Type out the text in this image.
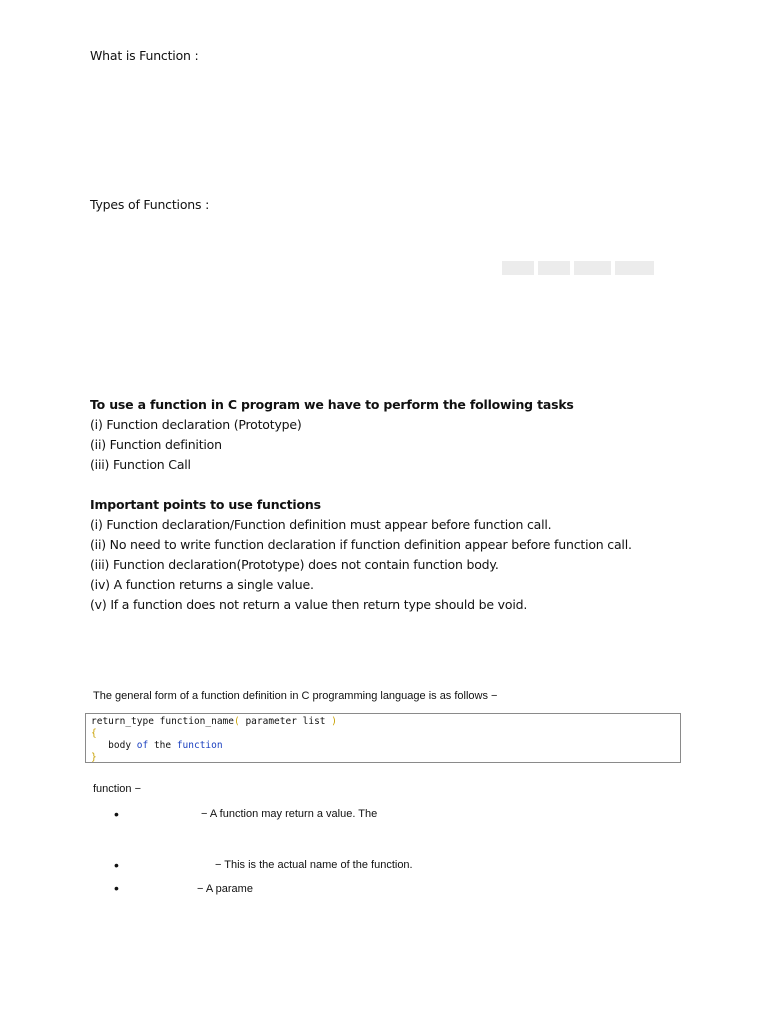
What is Function :
Types of Functions :
To use a function in C program we have to perform the following tasks
(i) Function declaration (Prototype)
(ii) Function definition
(iii) Function Call
Important points to use functions
(i) Function declaration/Function definition must appear before function call.
(ii) No need to write function declaration if function definition appear before function call.
(iii) Function declaration(Prototype) does not contain function body.
(iv) A function returns a single value.
(v) If a function does not return a value then return type should be void.
The general form of a function definition in C programming language is as follows −
return_type function_name( parameter list )
{
body of the function
}
function −
•	− A function may return a value. The
•	− This is the actual name of the function.
•	− A parame
